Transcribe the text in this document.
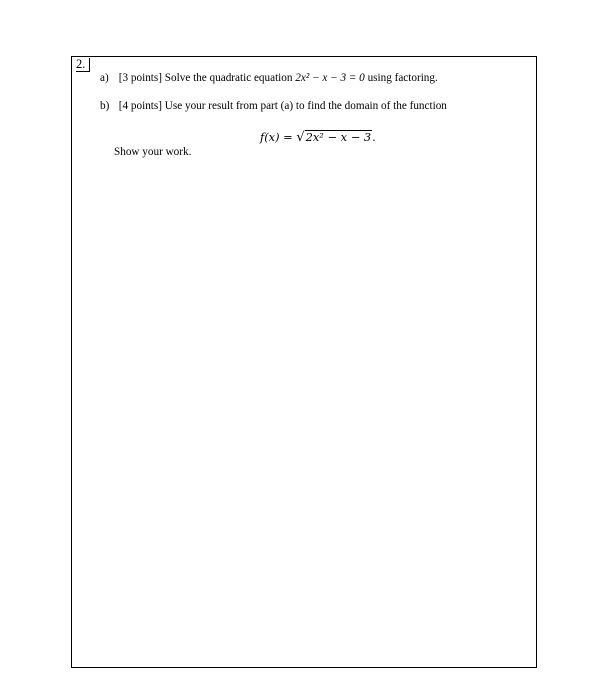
2.
a) [3 points] Solve the quadratic equation 2x² − x − 3 = 0 using factoring.
b) [4 points] Use your result from part (a) to find the domain of the function
f(x) = √2x² − x − 3.
Show your work.
